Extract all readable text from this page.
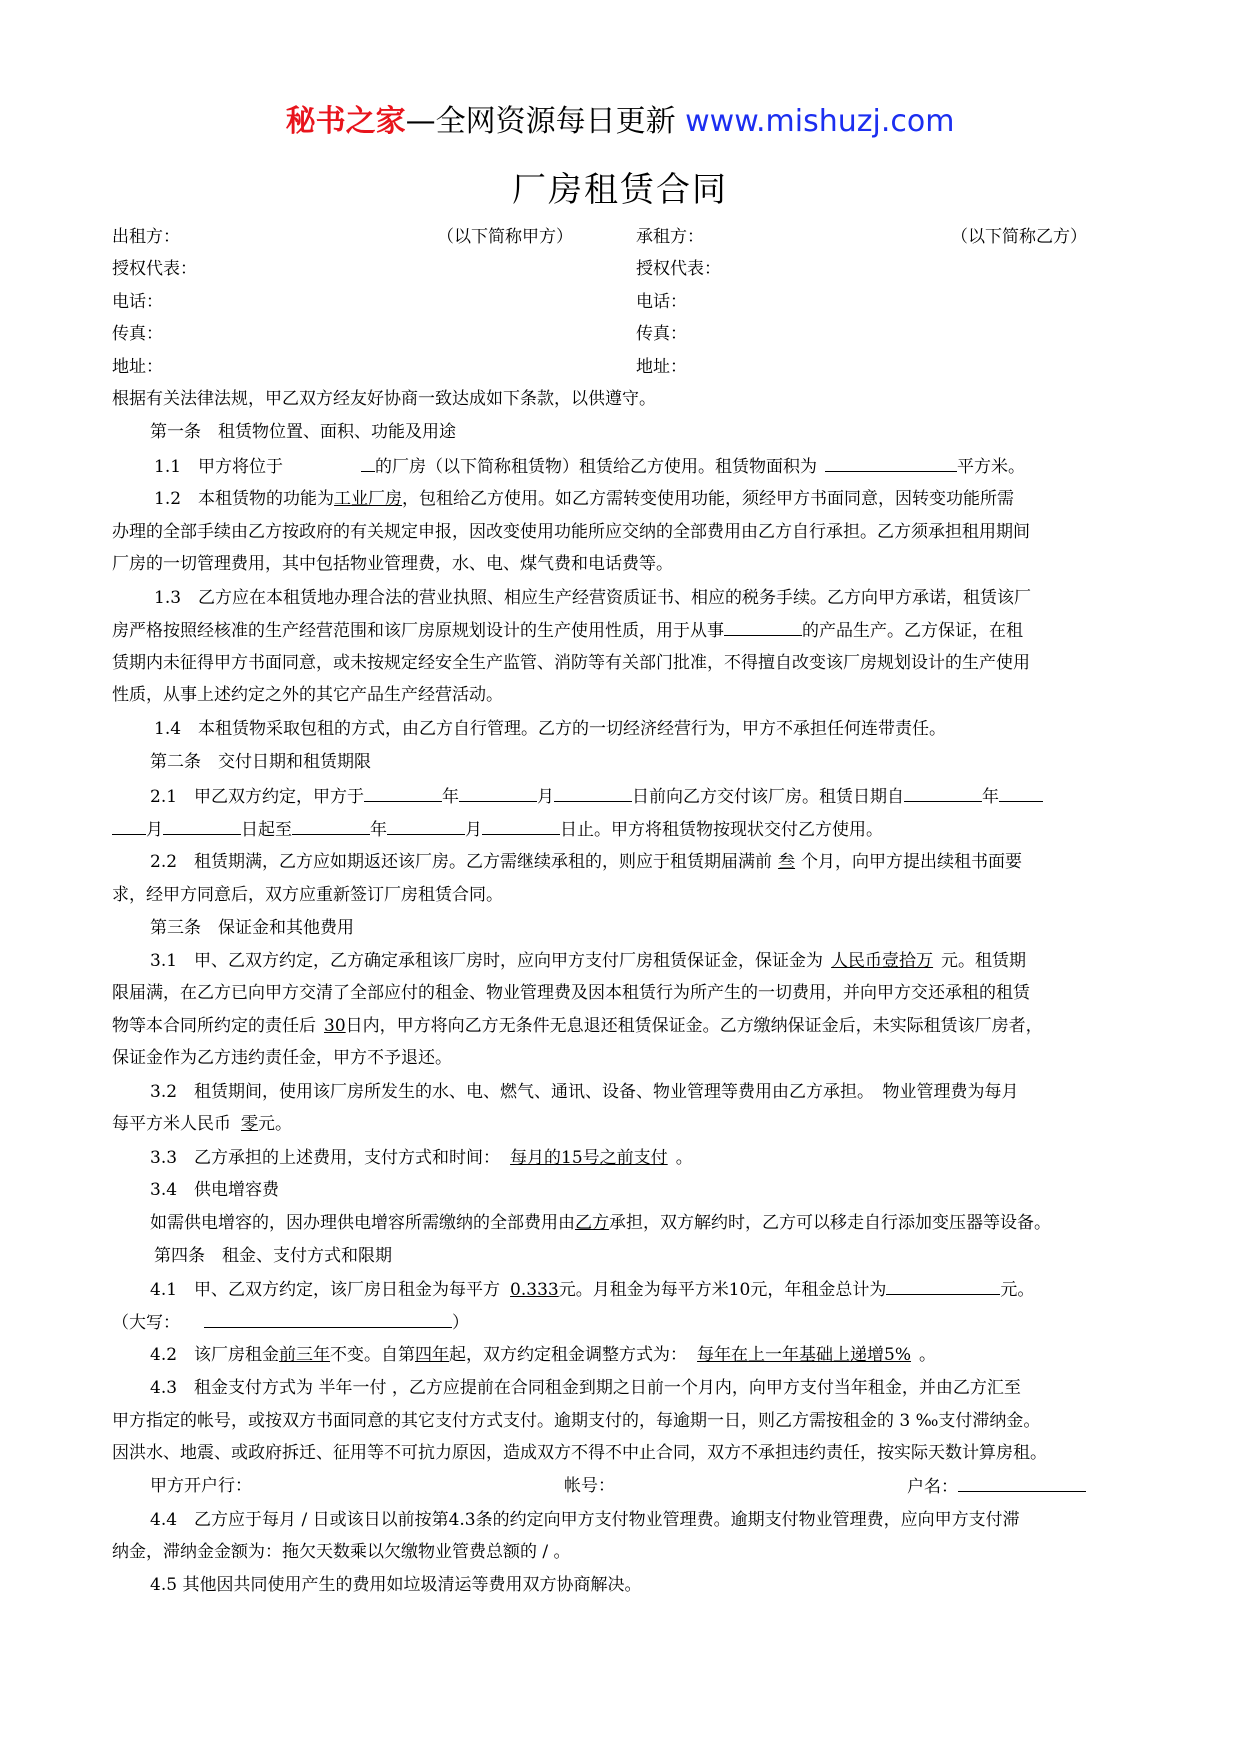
秘书之家—全网资源每日更新 www.mishuzj.com
厂房租赁合同
出租方：	（以下简称甲方）	承租方：	（以下简称乙方）
授权代表：	授权代表：
电话：	电话：
传真：	传真：
地址：	地址：
根据有关法律法规，甲乙双方经友好协商一致达成如下条款，以供遵守。
第一条　租赁物位置、面积、功能及用途
1.1　甲方将位于	的厂房（以下简称租赁物）租赁给乙方使用。租赁物面积为	平方米。
1.2　本租赁物的功能为工业厂房，包租给乙方使用。如乙方需转变使用功能，须经甲方书面同意，因转变功能所需
办理的全部手续由乙方按政府的有关规定申报，因改变使用功能所应交纳的全部费用由乙方自行承担。乙方须承担租用期间
厂房的一切管理费用，其中包括物业管理费，水、电、煤气费和电话费等。
1.3　乙方应在本租赁地办理合法的营业执照、相应生产经营资质证书、相应的税务手续。乙方向甲方承诺，租赁该厂
房严格按照经核准的生产经营范围和该厂房原规划设计的生产使用性质，用于从事	的产品生产。乙方保证，在租
赁期内未征得甲方书面同意，或未按规定经安全生产监管、消防等有关部门批准，不得擅自改变该厂房规划设计的生产使用
性质，从事上述约定之外的其它产品生产经营活动。
1.4　本租赁物采取包租的方式，由乙方自行管理。乙方的一切经济经营行为，甲方不承担任何连带责任。
第二条　交付日期和租赁期限
2.1　甲乙双方约定，甲方于	年	月	日前向乙方交付该厂房。租赁日期自	年
月	日起至	年	月	日止。甲方将租赁物按现状交付乙方使用。
2.2　租赁期满，乙方应如期返还该厂房。乙方需继续承租的，则应于租赁期届满前 叁 个月，向甲方提出续租书面要
求，经甲方同意后，双方应重新签订厂房租赁合同。
第三条　保证金和其他费用
3.1　甲、乙双方约定，乙方确定承租该厂房时，应向甲方支付厂房租赁保证金，保证金为 人民币壹拾万 元。租赁期
限届满，在乙方已向甲方交清了全部应付的租金、物业管理费及因本租赁行为所产生的一切费用，并向甲方交还承租的租赁
物等本合同所约定的责任后 30日内，甲方将向乙方无条件无息退还租赁保证金。乙方缴纳保证金后，未实际租赁该厂房者，
保证金作为乙方违约责任金，甲方不予退还。
3.2　租赁期间，使用该厂房所发生的水、电、燃气、通讯、设备、物业管理等费用由乙方承担。　物业管理费为每月
每平方米人民币 零元。
3.3　乙方承担的上述费用，支付方式和时间： 每月的15号之前支付 。
3.4　供电增容费
如需供电增容的，因办理供电增容所需缴纳的全部费用由乙方承担，双方解约时，乙方可以移走自行添加变压器等设备。
第四条　租金、支付方式和限期
4.1　甲、乙双方约定，该厂房日租金为每平方 0.333元。月租金为每平方米10元，年租金总计为	元。
（大写：	）
4.2　该厂房租金前三年不变。自第四年起，双方约定租金调整方式为： 每年在上一年基础上递增5% 。
4.3　租金支付方式为 半年一付 ，乙方应提前在合同租金到期之日前一个月内，向甲方支付当年租金，并由乙方汇至
甲方指定的帐号，或按双方书面同意的其它支付方式支付。逾期支付的，每逾期一日，则乙方需按租金的 3 ‰支付滞纳金。
因洪水、地震、或政府拆迁、征用等不可抗力原因，造成双方不得不中止合同，双方不承担违约责任，按实际天数计算房租。
甲方开户行：	帐号：	户名：
4.4　乙方应于每月 / 日或该日以前按第4.3条的约定向甲方支付物业管理费。逾期支付物业管理费，应向甲方支付滞
纳金，滞纳金金额为：拖欠天数乘以欠缴物业管费总额的 / 。
4.5 其他因共同使用产生的费用如垃圾清运等费用双方协商解决。
